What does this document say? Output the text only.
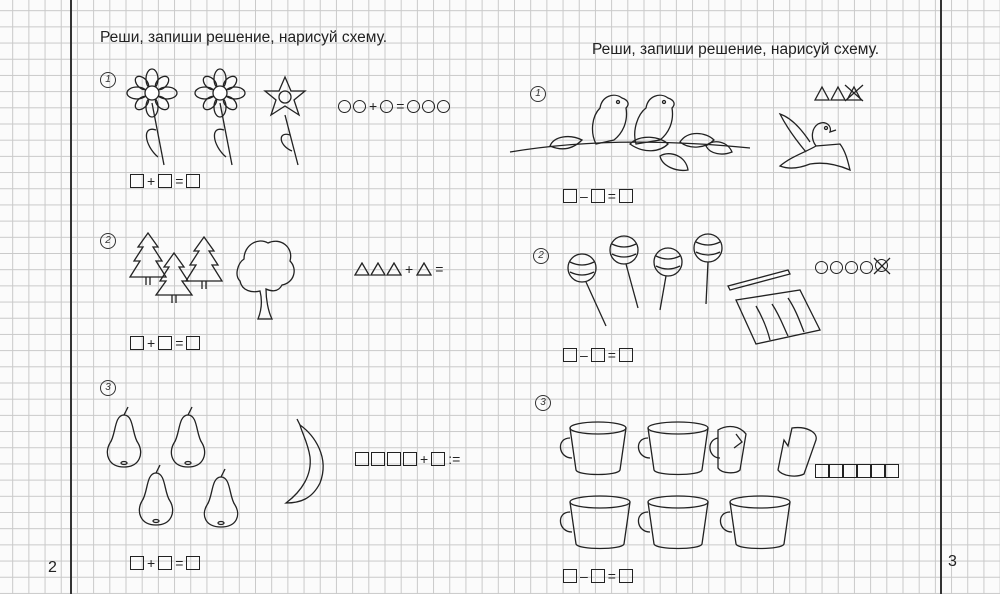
Реши, запиши решение, нарисуй схему.
2
1
+ =
+ =
2
+ =
+ =
3
+ :=
+ =
Реши, запиши решение, нарисуй схему.
3
1
– =
2
– =
3
– =
